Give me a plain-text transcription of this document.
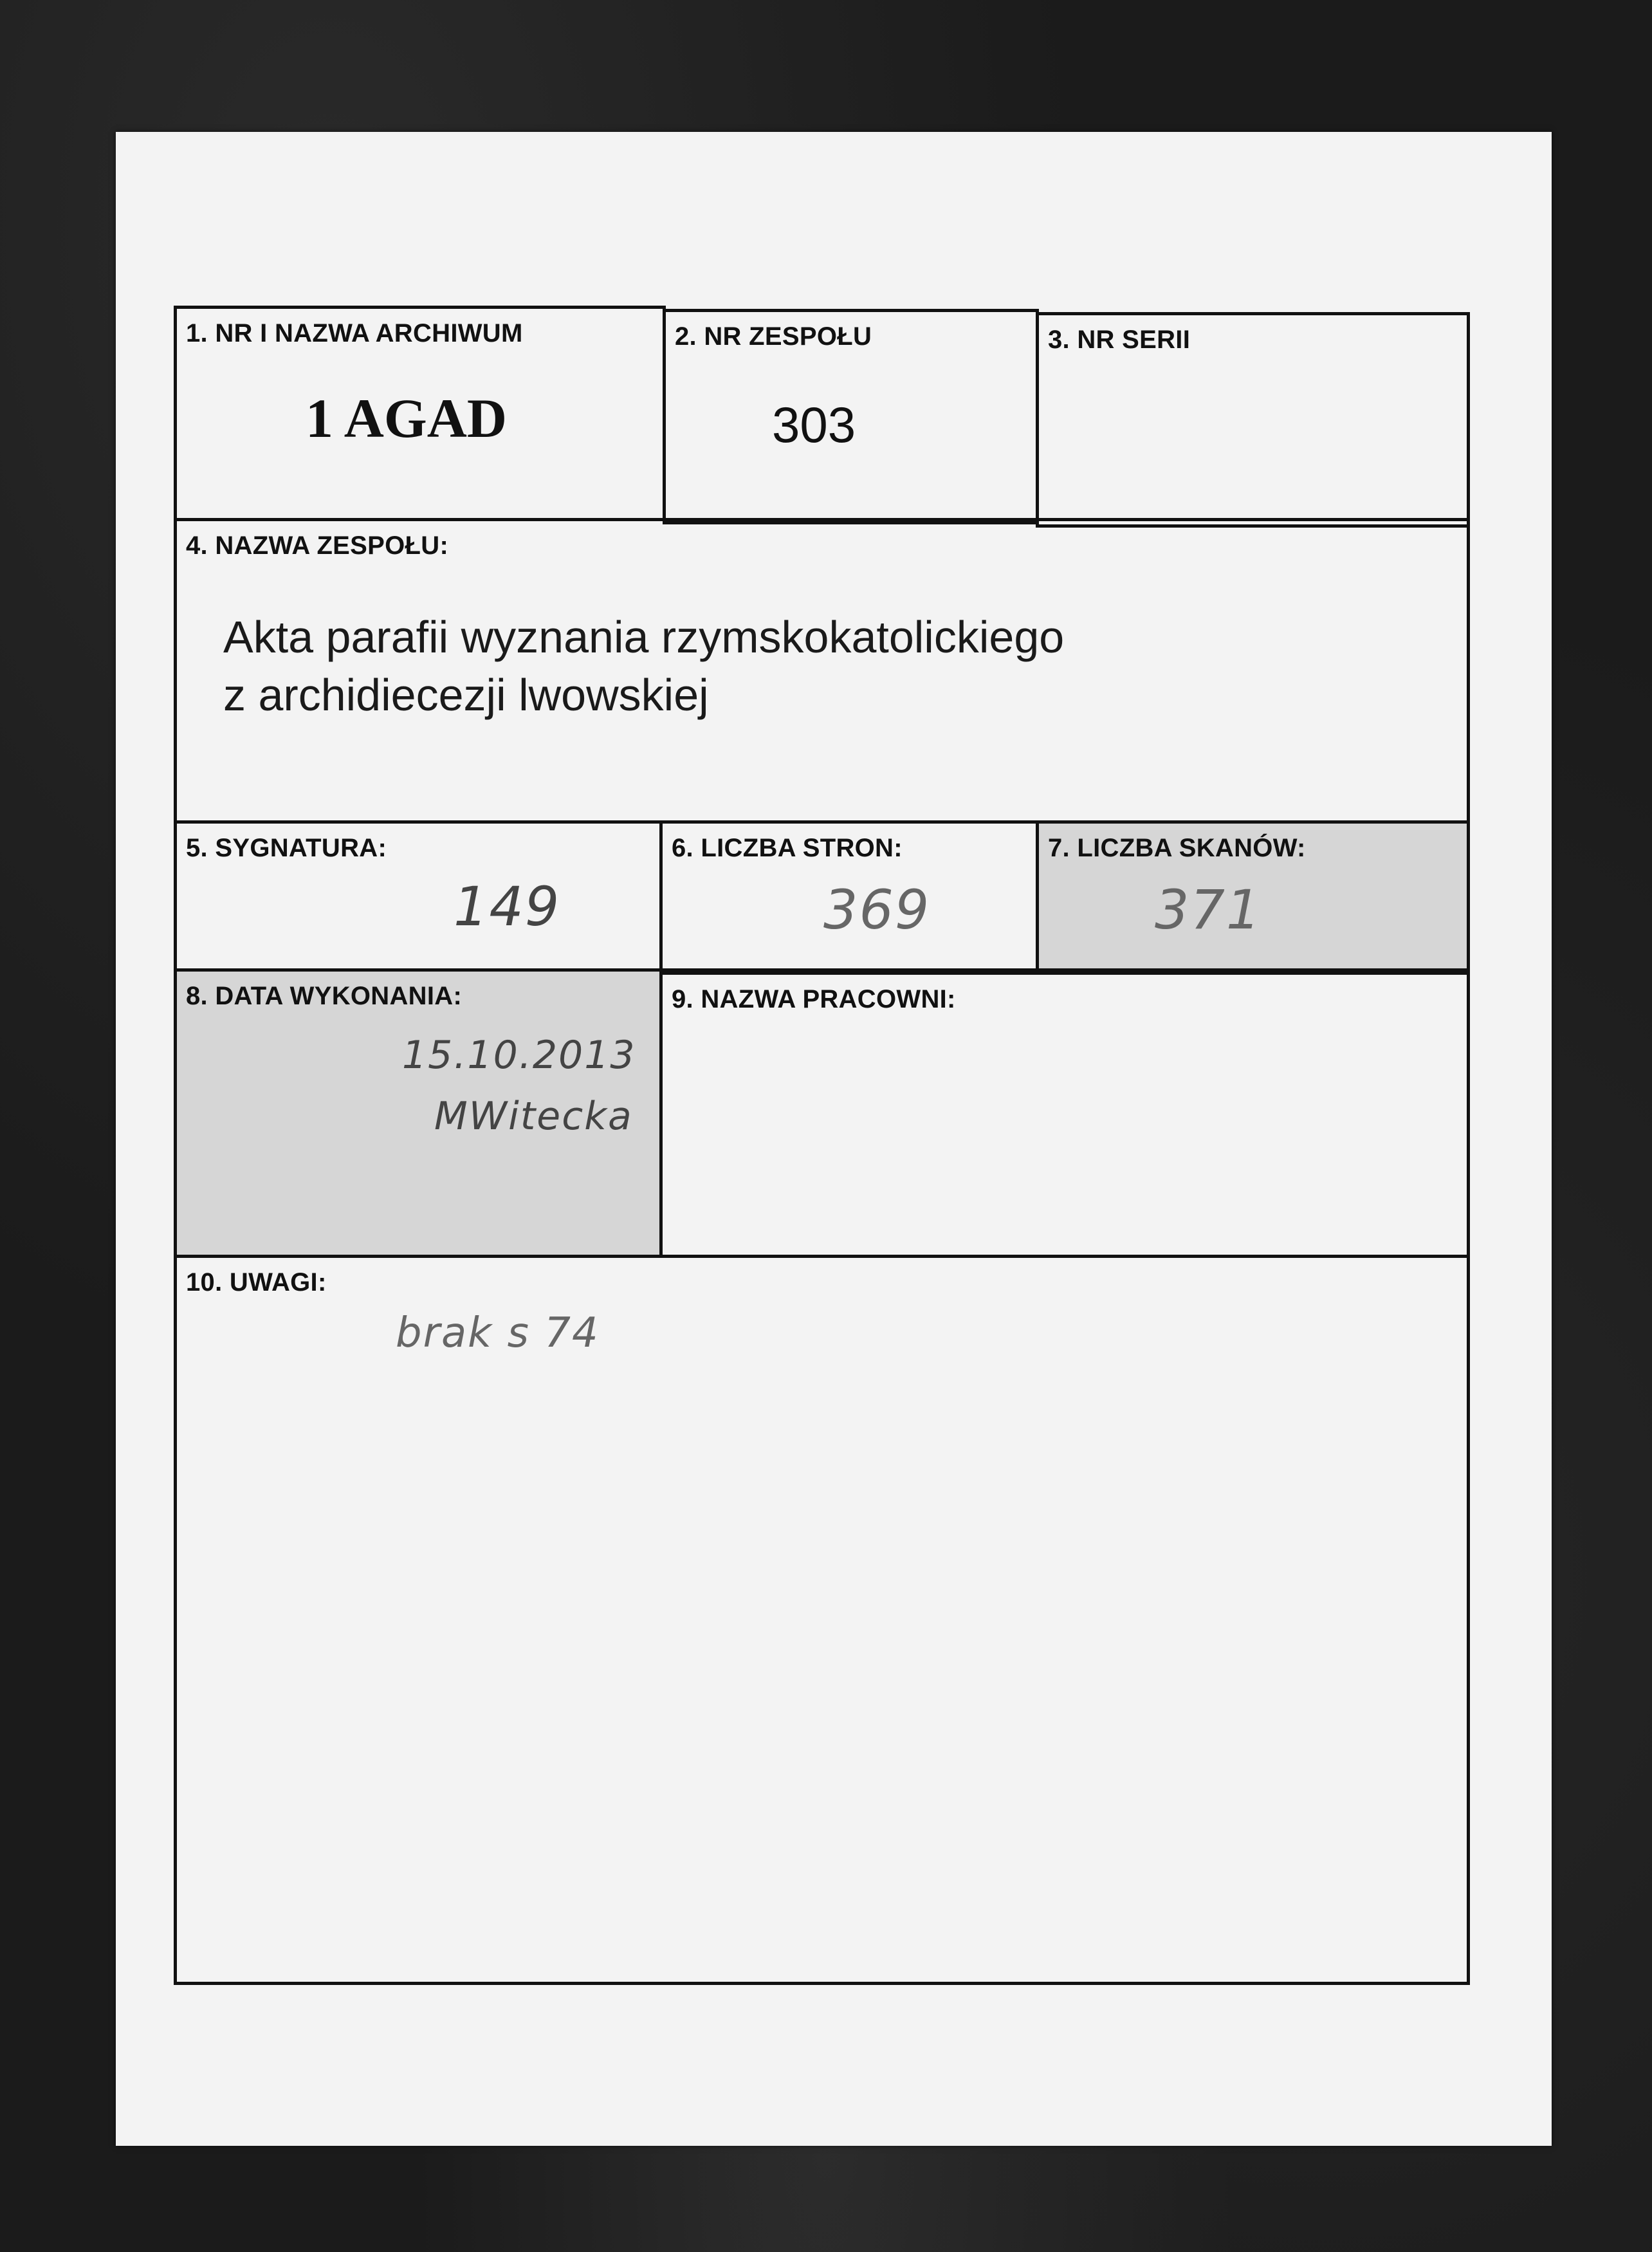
1. NR I NAZWA ARCHIWUM
1 AGAD
2. NR ZESPOŁU
303
3. NR SERII
4. NAZWA ZESPOŁU:
Akta parafii wyznania rzymskokatolickiego
z archidiecezji lwowskiej
5. SYGNATURA:
149
6. LICZBA STRON:
369
7. LICZBA SKANÓW:
371
8. DATA WYKONANIA:
15.10.2013
MWitecka
9. NAZWA PRACOWNI:
10. UWAGI:
brak s 74
